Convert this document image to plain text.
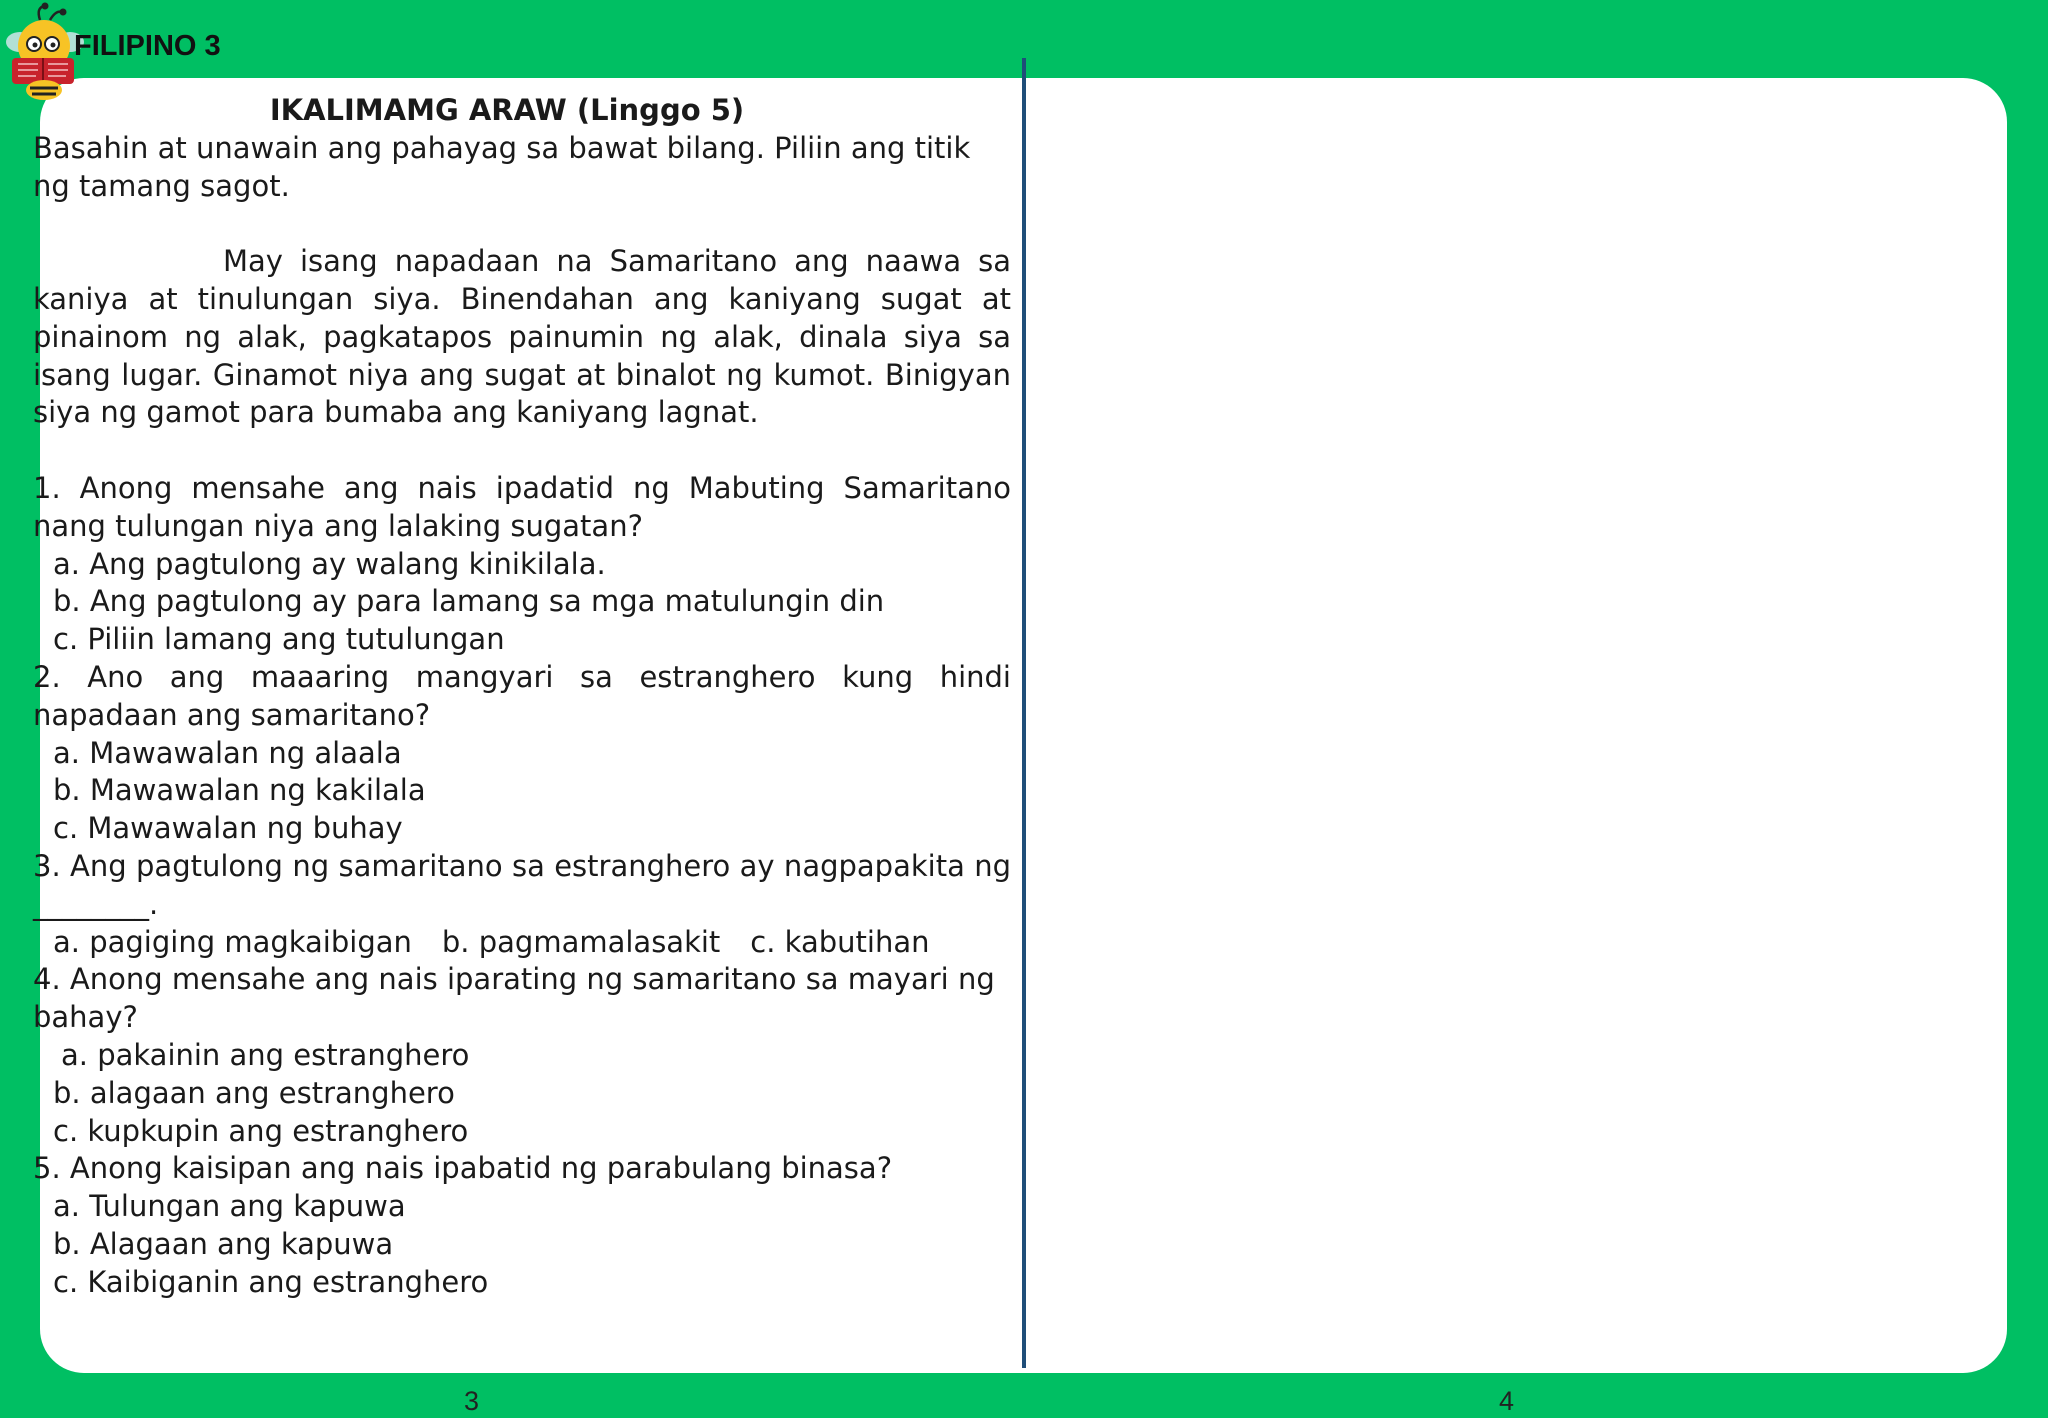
FILIPINO 3

IKALIMAMG ARAW (Linggo 5)

Basahin at unawain ang pahayag sa bawat bilang. Piliin ang titik ng tamang sagot.

May isang napadaan na Samaritano ang naawa sa kaniya at tinulungan siya. Binendahan ang kaniyang sugat at pinainom ng alak, pagkatapos painumin ng alak, dinala siya sa isang lugar. Ginamot niya ang sugat at binalot ng kumot. Binigyan siya ng gamot para bumaba ang kaniyang lagnat.

1. Anong mensahe ang nais ipadatid ng Mabuting Samaritano nang tulungan niya ang lalaking sugatan?

a. Ang pagtulong ay walang kinikilala.

b. Ang pagtulong ay para lamang sa mga matulungin din

c. Piliin lamang ang tutulungan

2. Ano ang maaaring mangyari sa estranghero kung hindi napadaan ang samaritano?

a. Mawawalan ng alaala

b. Mawawalan ng kakilala

c. Mawawalan ng buhay

3. Ang pagtulong ng samaritano sa estranghero ay nagpapakita ng ________.

a. pagiging magkaibigan b. pagmamalasakit c. kabutihan

4. Anong mensahe ang nais iparating ng samaritano sa mayari ng bahay?

a. pakainin ang estranghero

b. alagaan ang estranghero

c. kupkupin ang estranghero

5. Anong kaisipan ang nais ipabatid ng parabulang binasa?

a. Tulungan ang kapuwa

b. Alagaan ang kapuwa

c. Kaibiganin ang estranghero

3	4
